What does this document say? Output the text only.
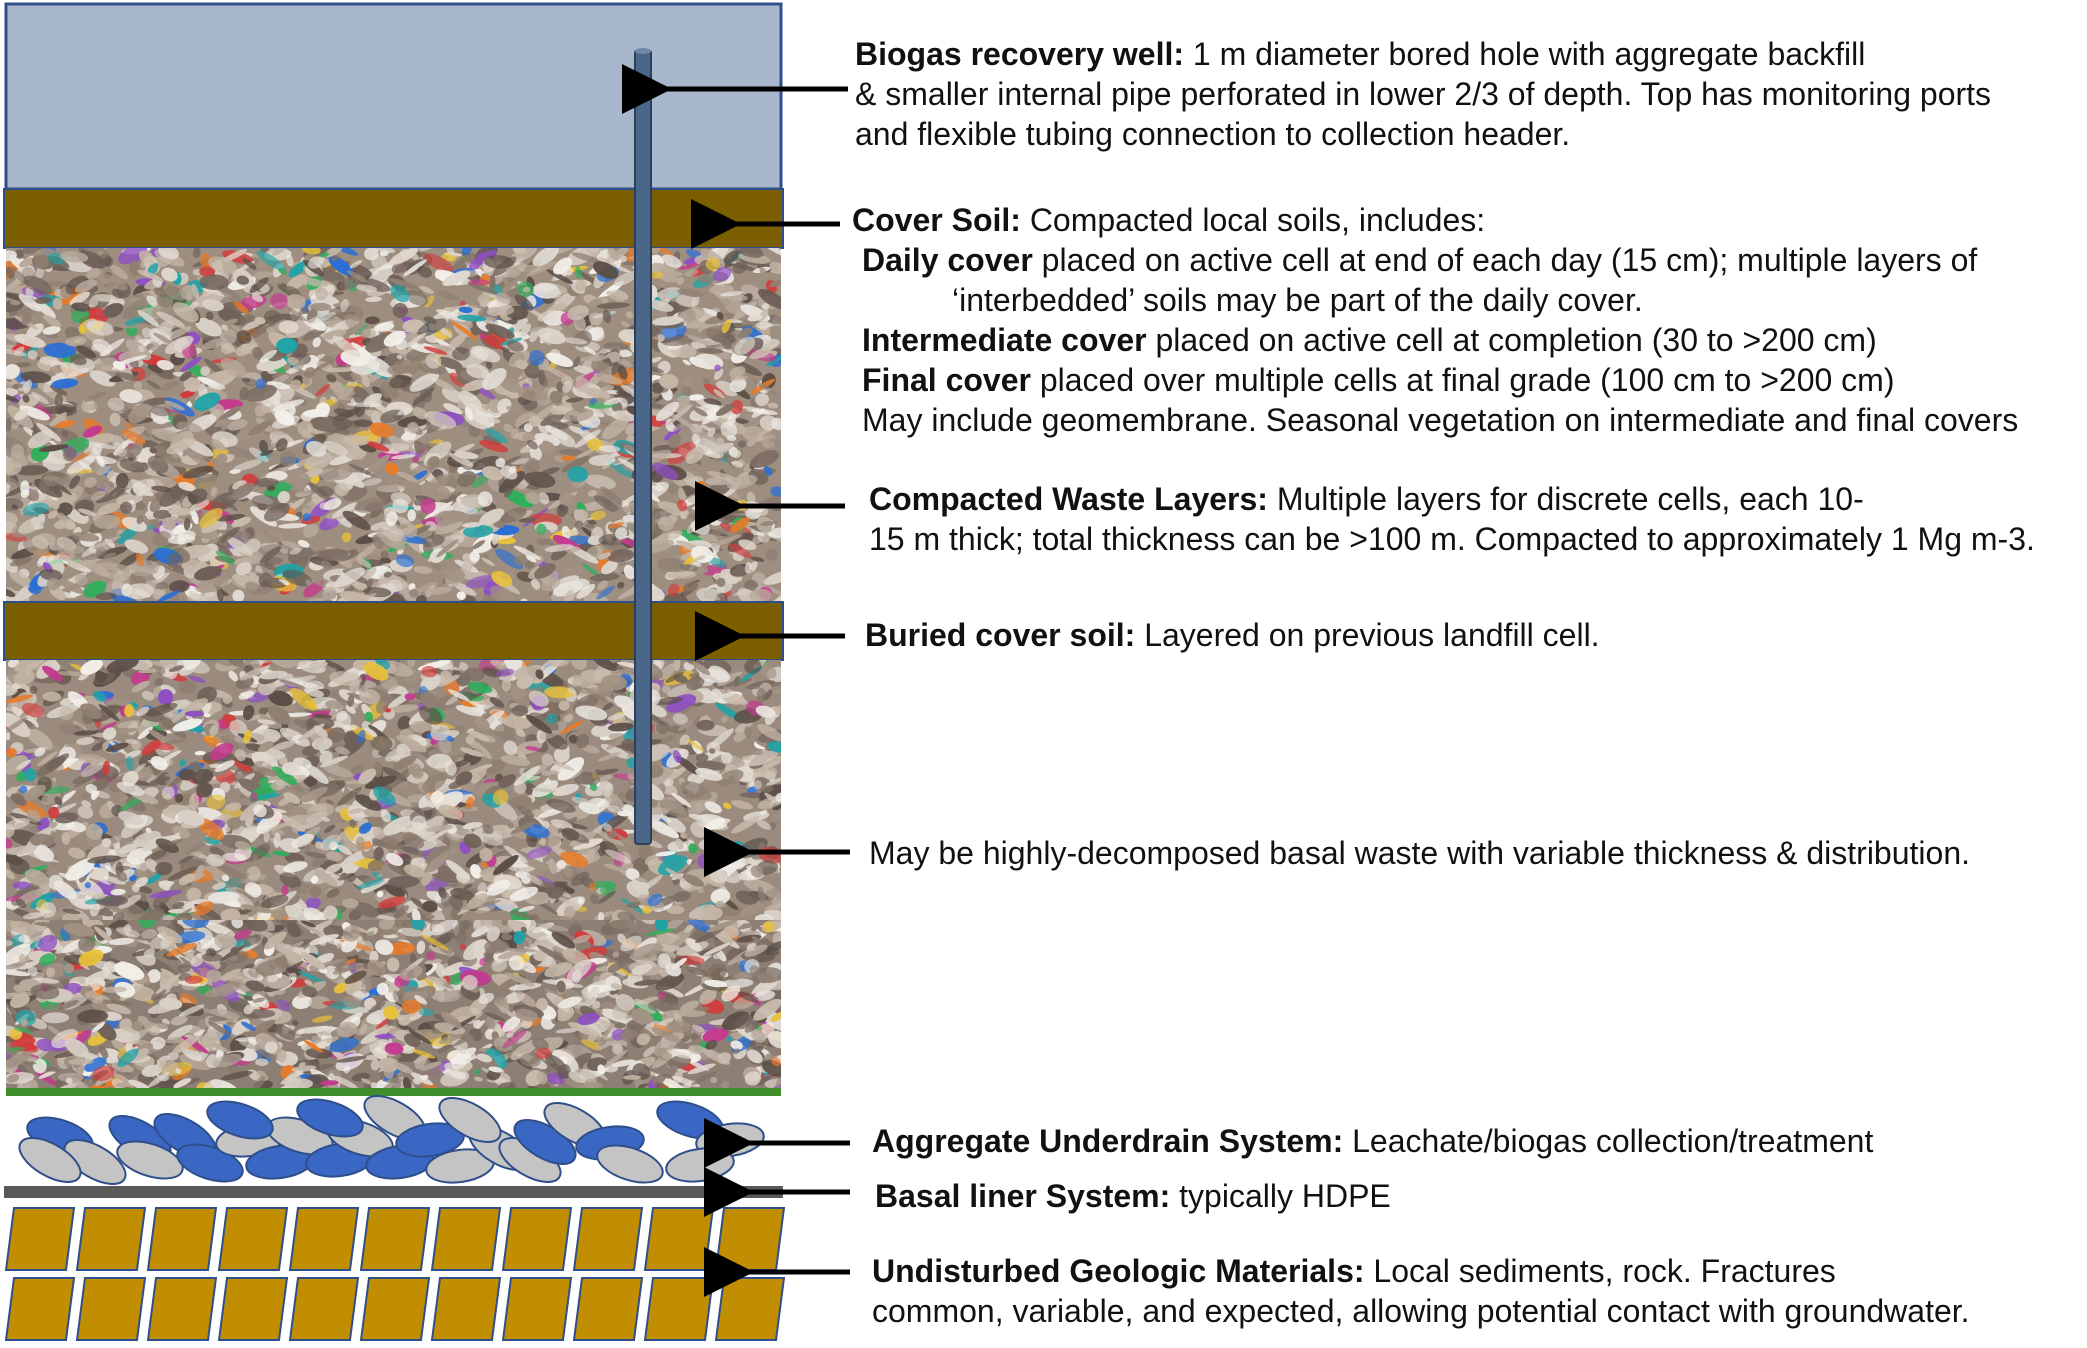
Biogas recovery well: 1 m diameter bored hole with aggregate backfill
& smaller internal pipe perforated in lower 2/3 of depth. Top has monitoring ports
and flexible tubing connection to collection header.
Cover Soil: Compacted local soils, includes:
Daily cover placed on active cell at end of each day (15 cm); multiple layers of
‘interbedded’ soils may be part of the daily cover.
Intermediate cover placed on active cell at completion (30 to >200 cm)
Final cover placed over multiple cells at final grade (100 cm to >200 cm)
May include geomembrane. Seasonal vegetation on intermediate and final covers
Compacted Waste Layers: Multiple layers for discrete cells, each 10-
15 m thick; total thickness can be >100 m. Compacted to approximately 1 Mg m-3.
Buried cover soil: Layered on previous landfill cell.
May be highly-decomposed basal waste with variable thickness & distribution.
Aggregate Underdrain System: Leachate/biogas collection/treatment
Basal liner System: typically HDPE
Undisturbed Geologic Materials: Local sediments, rock. Fractures
common, variable, and expected, allowing potential contact with groundwater.
